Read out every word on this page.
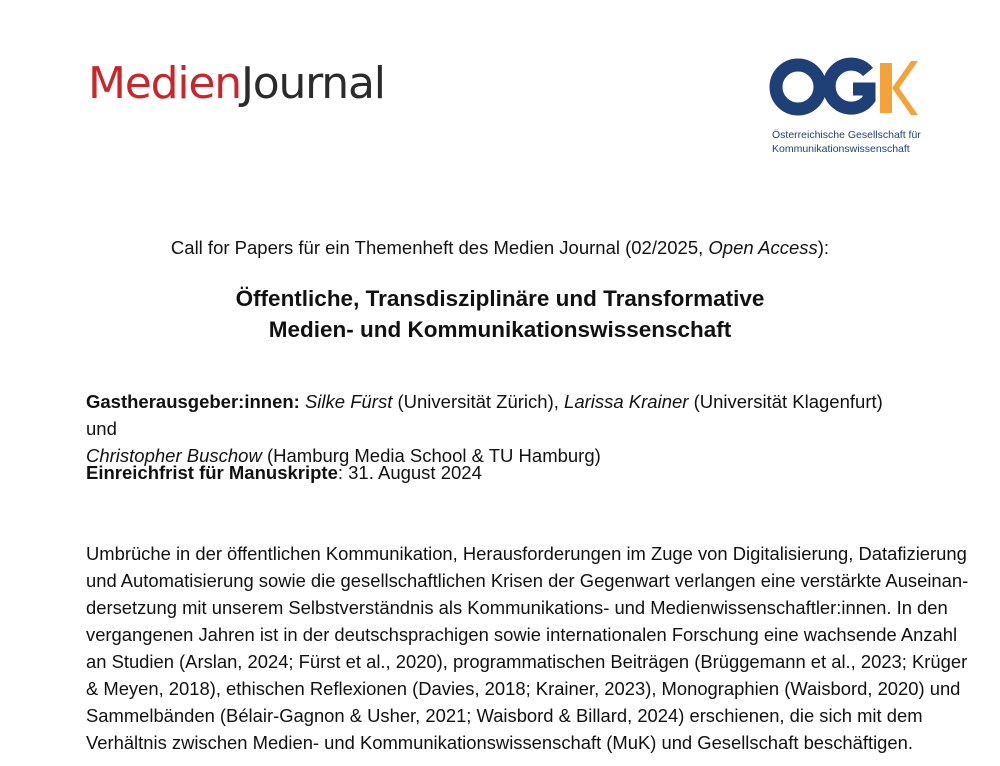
MedienJournal
Österreichische Gesellschaft für
Kommunikationswissenschaft
Call for Papers für ein Themenheft des Medien Journal (02/2025, Open Access):
Öffentliche, Transdisziplinäre und Transformative
Medien- und Kommunikationswissenschaft
Gastherausgeber:innen: Silke Fürst (Universität Zürich), Larissa Krainer (Universität Klagenfurt) und
Christopher Buschow (Hamburg Media School & TU Hamburg)
Einreichfrist für Manuskripte: 31. August 2024
Umbrüche in der öffentlichen Kommunikation, Herausforderungen im Zuge von Digitalisierung, Datafizierung
und Automatisierung sowie die gesellschaftlichen Krisen der Gegenwart verlangen eine verstärkte Auseinan-
dersetzung mit unserem Selbstverständnis als Kommunikations- und Medienwissenschaftler:innen. In den
vergangenen Jahren ist in der deutschsprachigen sowie internationalen Forschung eine wachsende Anzahl
an Studien (Arslan, 2024; Fürst et al., 2020), programmatischen Beiträgen (Brüggemann et al., 2023; Krüger
& Meyen, 2018), ethischen Reflexionen (Davies, 2018; Krainer, 2023), Monographien (Waisbord, 2020) und
Sammelbänden (Bélair-Gagnon & Usher, 2021; Waisbord & Billard, 2024) erschienen, die sich mit dem
Verhältnis zwischen Medien- und Kommunikationswissenschaft (MuK) und Gesellschaft beschäftigen.
